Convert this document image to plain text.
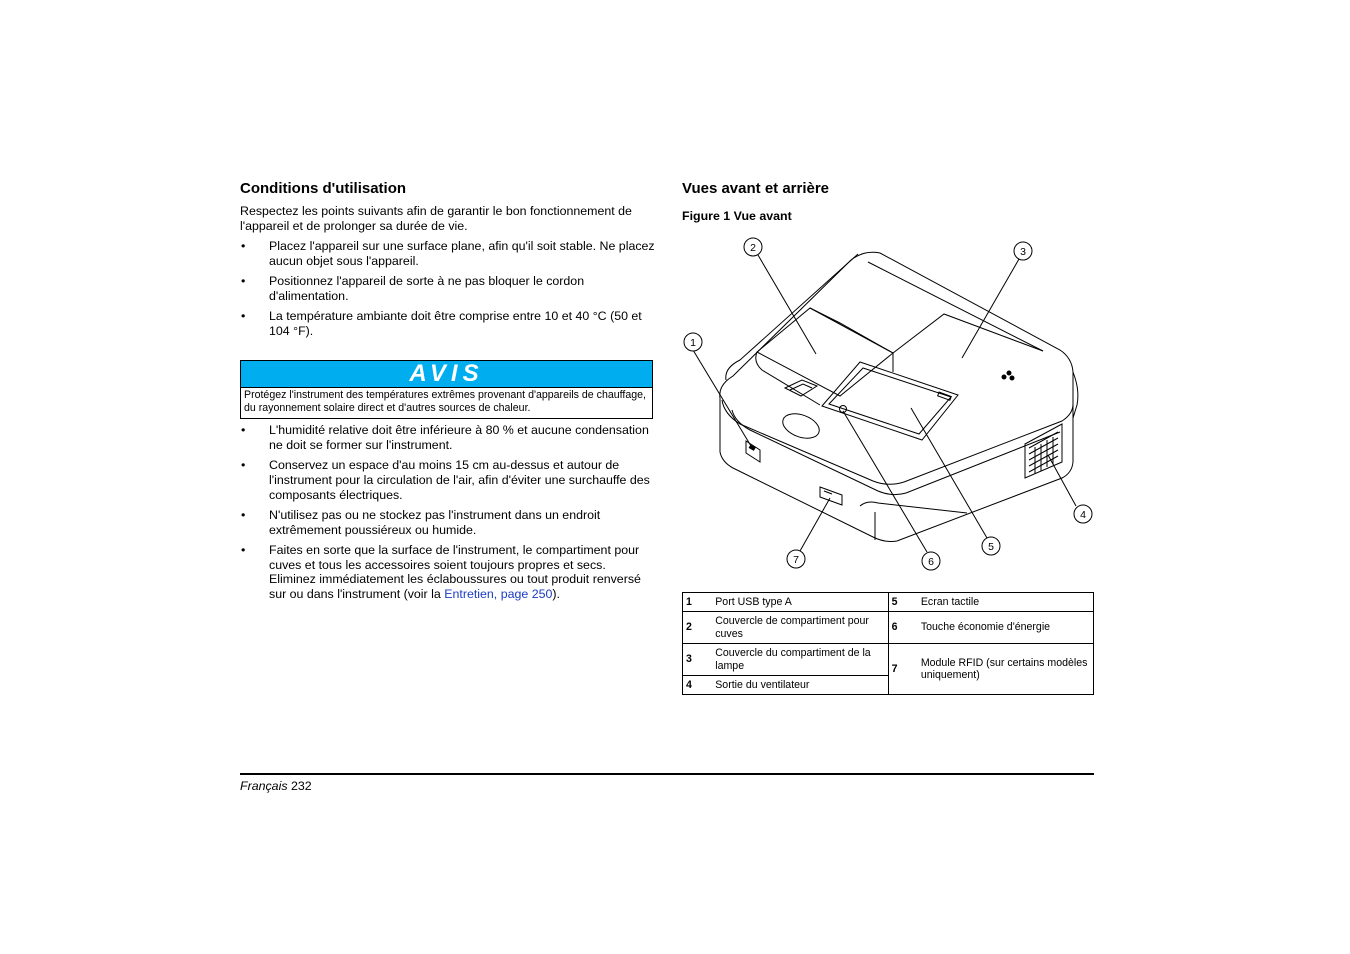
Conditions d'utilisation
Respectez les points suivants afin de garantir le bon fonctionnement de l'appareil et de prolonger sa durée de vie.
• Placez l'appareil sur une surface plane, afin qu'il soit stable. Ne placez aucun objet sous l'appareil.
• Positionnez l'appareil de sorte à ne pas bloquer le cordon d'alimentation.
• La température ambiante doit être comprise entre 10 et 40 °C (50 et 104 °F).
AVIS
Protégez l'instrument des températures extrêmes provenant d'appareils de chauffage, du rayonnement solaire direct et d'autres sources de chaleur.
• L'humidité relative doit être inférieure à 80 % et aucune condensation ne doit se former sur l'instrument.
• Conservez un espace d'au moins 15 cm au-dessus et autour de l'instrument pour la circulation de l'air, afin d'éviter une surchauffe des composants électriques.
• N'utilisez pas ou ne stockez pas l'instrument dans un endroit extrêmement poussiéreux ou humide.
• Faites en sorte que la surface de l'instrument, le compartiment pour cuves et tous les accessoires soient toujours propres et secs. Eliminez immédiatement les éclaboussures ou tout produit renversé sur ou dans l'instrument (voir la Entretien, page 250).
Vues avant et arrière
Figure 1 Vue avant
1
2	3
4
5
6
7
1	Port USB type A	5	Ecran tactile
2	Couvercle de compartiment pour cuves	6	Touche économie d'énergie
3	Couvercle du compartiment de la lampe	7	Module RFID (sur certains modèles uniquement)
4	Sortie du ventilateur		
Français 232
